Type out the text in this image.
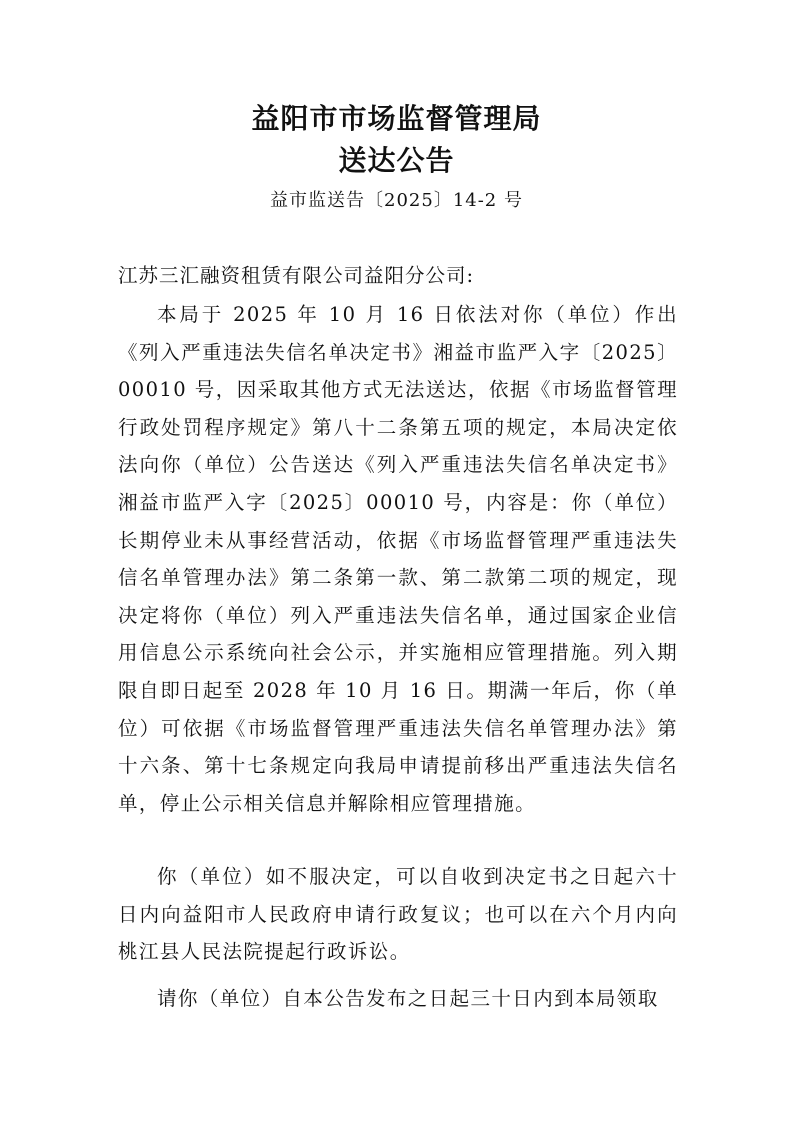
益阳市市场监督管理局
送达公告
益市监送告〔2025〕14-2 号
江苏三汇融资租赁有限公司益阳分公司:

本局于 2025 年 10 月 16 日依法对你（单位）作出《列入严重违法失信名单决定书》湘益市监严入字〔2025〕00010 号，因采取其他方式无法送达，依据《市场监督管理行政处罚程序规定》第八十二条第五项的规定，本局决定依法向你（单位）公告送达《列入严重违法失信名单决定书》湘益市监严入字〔2025〕00010 号，内容是：你（单位）长期停业未从事经营活动，依据《市场监督管理严重违法失信名单管理办法》第二条第一款、第二款第二项的规定，现决定将你（单位）列入严重违法失信名单，通过国家企业信用信息公示系统向社会公示，并实施相应管理措施。列入期限自即日起至 2028 年 10 月 16 日。期满一年后，你（单位）可依据《市场监督管理严重违法失信名单管理办法》第十六条、第十七条规定向我局申请提前移出严重违法失信名单，停止公示相关信息并解除相应管理措施。

你（单位）如不服决定，可以自收到决定书之日起六十日内向益阳市人民政府申请行政复议；也可以在六个月内向桃江县人民法院提起行政诉讼。

请你（单位）自本公告发布之日起三十日内到本局领取
